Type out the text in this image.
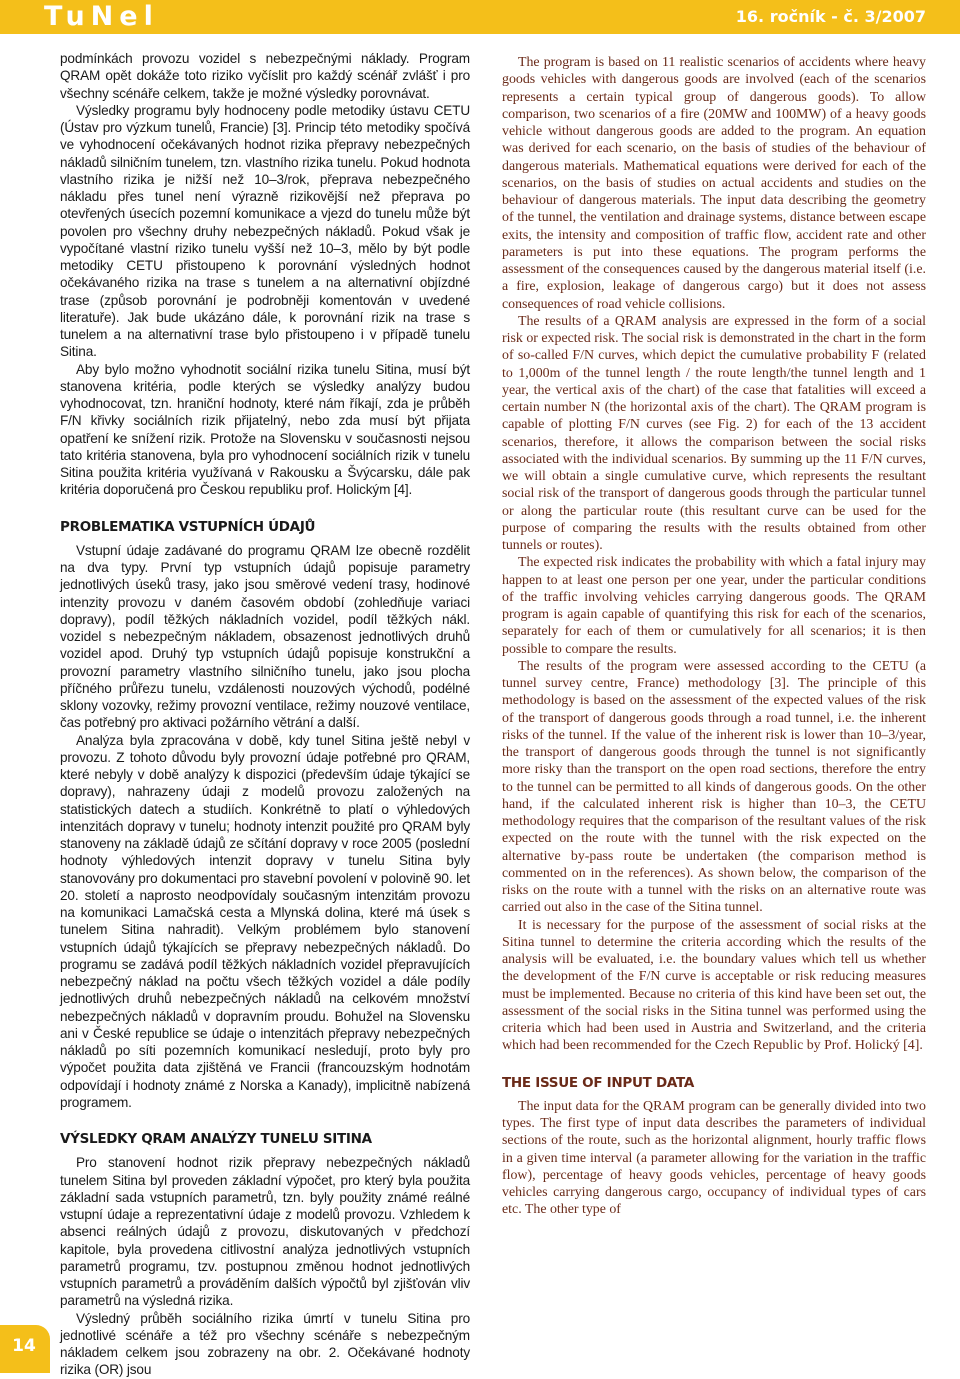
TuNel	16. ročník - č. 3/2007

podmínkách provozu vozidel s nebezpečnými náklady. Program QRAM opět dokáže toto riziko vyčíslit pro každý scénář zvlášť i pro všechny scénáře celkem, takže je možné výsledky porovnávat.

Výsledky programu byly hodnoceny podle metodiky ústavu CETU (Ústav pro výzkum tunelů, Francie) [3]. Princip této metodiky spočívá ve vyhodnocení očekávaných hodnot rizika přepravy nebezpečných nákladů silničním tunelem, tzn. vlastního rizika tunelu. Pokud hodnota vlastního rizika je nižší než 10–3/rok, přeprava nebezpečného nákladu přes tunel není výrazně rizikovější než přeprava po otevřených úsecích pozemní komunikace a vjezd do tunelu může být povolen pro všechny druhy nebezpečných nákladů. Pokud však je vypočítané vlastní riziko tunelu vyšší než 10–3, mělo by být podle metodiky CETU přistoupeno k porovnání výsledných hodnot očekávaného rizika na trase s tunelem a na alternativní objízdné trase (způsob porovnání je podrobněji komentován v uvedené literatuře). Jak bude ukázáno dále, k porovnání rizik na trase s tunelem a na alternativní trase bylo přistoupeno i v případě tunelu Sitina.

Aby bylo možno vyhodnotit sociální rizika tunelu Sitina, musí být stanovena kritéria, podle kterých se výsledky analýzy budou vyhodnocovat, tzn. hraniční hodnoty, které nám říkají, zda je průběh F/N křivky sociálních rizik přijatelný, nebo zda musí být přijata opatření ke snížení rizik. Protože na Slovensku v současnosti nejsou tato kritéria stanovena, byla pro vyhodnocení sociálních rizik v tunelu Sitina použita kritéria využívaná v Rakousku a Švýcarsku, dále pak kritéria doporučená pro Českou republiku prof. Holickým [4].

PROBLEMATIKA VSTUPNÍCH ÚDAJŮ

Vstupní údaje zadávané do programu QRAM lze obecně rozdělit na dva typy. První typ vstupních údajů popisuje parametry jednotlivých úseků trasy, jako jsou směrové vedení trasy, hodinové intenzity provozu v daném časovém období (zohledňuje variaci dopravy), podíl těžkých nákladních vozidel, podíl těžkých nákl. vozidel s nebezpečným nákladem, obsazenost jednotlivých druhů vozidel apod. Druhý typ vstupních údajů popisuje konstrukční a provozní parametry vlastního silničního tunelu, jako jsou plocha příčného průřezu tunelu, vzdálenosti nouzových východů, podélné sklony vozovky, režimy provozní ventilace, režimy nouzové ventilace, čas potřebný pro aktivaci požárního větrání a další.

Analýza byla zpracována v době, kdy tunel Sitina ještě nebyl v provozu. Z tohoto důvodu byly provozní údaje potřebné pro QRAM, které nebyly v době analýzy k dispozici (především údaje týkající se dopravy), nahrazeny údaji z modelů provozu založených na statistických datech a studiích. Konkrétně to platí o výhledových intenzitách dopravy v tunelu; hodnoty intenzit použité pro QRAM byly stanoveny na základě údajů ze sčítání dopravy v roce 2005 (poslední hodnoty výhledových intenzit dopravy v tunelu Sitina byly stanovovány pro dokumentaci pro stavební povolení v polovině 90. let 20. století a naprosto neodpovídaly současným intenzitám provozu na komunikaci Lamačská cesta a Mlynská dolina, které má úsek s tunelem Sitina nahradit). Velkým problémem bylo stanovení vstupních údajů týkajících se přepravy nebezpečných nákladů. Do programu se zadává podíl těžkých nákladních vozidel přepravujících nebezpečný náklad na počtu všech těžkých vozidel a dále podíly jednotlivých druhů nebezpečných nákladů na celkovém množství nebezpečných nákladů v dopravním proudu. Bohužel na Slovensku ani v České republice se údaje o intenzitách přepravy nebezpečných nákladů po síti pozemních komunikací nesledují, proto byly pro výpočet použita data zjištěná ve Francii (francouzským hodnotám odpovídají i hodnoty známé z Norska a Kanady), implicitně nabízená programem.

VÝSLEDKY QRAM ANALÝZY TUNELU SITINA

Pro stanovení hodnot rizik přepravy nebezpečných nákladů tunelem Sitina byl proveden základní výpočet, pro který byla použita základní sada vstupních parametrů, tzn. byly použity známé reálné vstupní údaje a reprezentativní údaje z modelů provozu. Vzhledem k absenci reálných údajů z provozu, diskutovaných v předchozí kapitole, byla provedena citlivostní analýza jednotlivých vstupních parametrů programu, tzv. postupnou změnou hodnot jednotlivých vstupních parametrů a prováděním dalších výpočtů byl zjišťován vliv parametrů na výsledná rizika.

Výsledný průběh sociálního rizika úmrtí v tunelu Sitina pro jednotlivé scénáře a též pro všechny scénáře s nebezpečným nákladem celkem jsou zobrazeny na obr. 2. Očekávané hodnoty rizika (OR) jsou

The program is based on 11 realistic scenarios of accidents where heavy goods vehicles with dangerous goods are involved (each of the scenarios represents a certain typical group of dangerous goods). To allow comparison, two scenarios of a fire (20MW and 100MW) of a heavy goods vehicle without dangerous goods are added to the program. An equation was derived for each scenario, on the basis of studies of the behaviour of dangerous materials. Mathematical equations were derived for each of the scenarios, on the basis of studies on actual accidents and studies on the behaviour of dangerous materials. The input data describing the geometry of the tunnel, the ventilation and drainage systems, distance between escape exits, the intensity and composition of traffic flow, accident rate and other parameters is put into these equations. The program performs the assessment of the consequences caused by the dangerous material itself (i.e. a fire, explosion, leakage of dangerous cargo) but it does not assess consequences of road vehicle collisions.

The results of a QRAM analysis are expressed in the form of a social risk or expected risk. The social risk is demonstrated in the chart in the form of so-called F/N curves, which depict the cumulative probability F (related to 1,000m of the tunnel length / the route length/the tunnel length and 1 year, the vertical axis of the chart) of the case that fatalities will exceed a certain number N (the horizontal axis of the chart). The QRAM program is capable of plotting F/N curves (see Fig. 2) for each of the 13 accident scenarios, therefore, it allows the comparison between the social risks associated with the individual scenarios. By summing up the 11 F/N curves, we will obtain a single cumulative curve, which represents the resultant social risk of the transport of dangerous goods through the particular tunnel or along the particular route (this resultant curve can be used for the purpose of comparing the results with the results obtained from other tunnels or routes).

The expected risk indicates the probability with which a fatal injury may happen to at least one person per one year, under the particular conditions of the traffic involving vehicles carrying dangerous goods. The QRAM program is again capable of quantifying this risk for each of the scenarios, separately for each of them or cumulatively for all scenarios; it is then possible to compare the results.

The results of the program were assessed according to the CETU (a tunnel survey centre, France) methodology [3]. The principle of this methodology is based on the assessment of the expected values of the risk of the transport of dangerous goods through a road tunnel, i.e. the inherent risks of the tunnel. If the value of the inherent risk is lower than 10–3/year, the transport of dangerous goods through the tunnel is not significantly more risky than the transport on the open road sections, therefore the entry to the tunnel can be permitted to all kinds of dangerous goods. On the other hand, if the calculated inherent risk is higher than 10–3, the CETU methodology requires that the comparison of the resultant values of the risk expected on the route with the tunnel with the risk expected on the alternative by-pass route be undertaken (the comparison method is commented on in the references). As shown below, the comparison of the risks on the route with a tunnel with the risks on an alternative route was carried out also in the case of the Sitina tunnel.

It is necessary for the purpose of the assessment of social risks at the Sitina tunnel to determine the criteria according which the results of the analysis will be evaluated, i.e. the boundary values which tell us whether the development of the F/N curve is acceptable or risk reducing measures must be implemented. Because no criteria of this kind have been set out, the assessment of the social risks in the Sitina tunnel was performed using the criteria which had been used in Austria and Switzerland, and the criteria which had been recommended for the Czech Republic by Prof. Holický [4].

THE ISSUE OF INPUT DATA

The input data for the QRAM program can be generally divided into two types. The first type of input data describes the parameters of individual sections of the route, such as the horizontal alignment, hourly traffic flows in a given time interval (a parameter allowing for the variation in the traffic flow), percentage of heavy goods vehicles, percentage of heavy goods vehicles carrying dangerous cargo, occupancy of individual types of cars etc. The other type of

14
